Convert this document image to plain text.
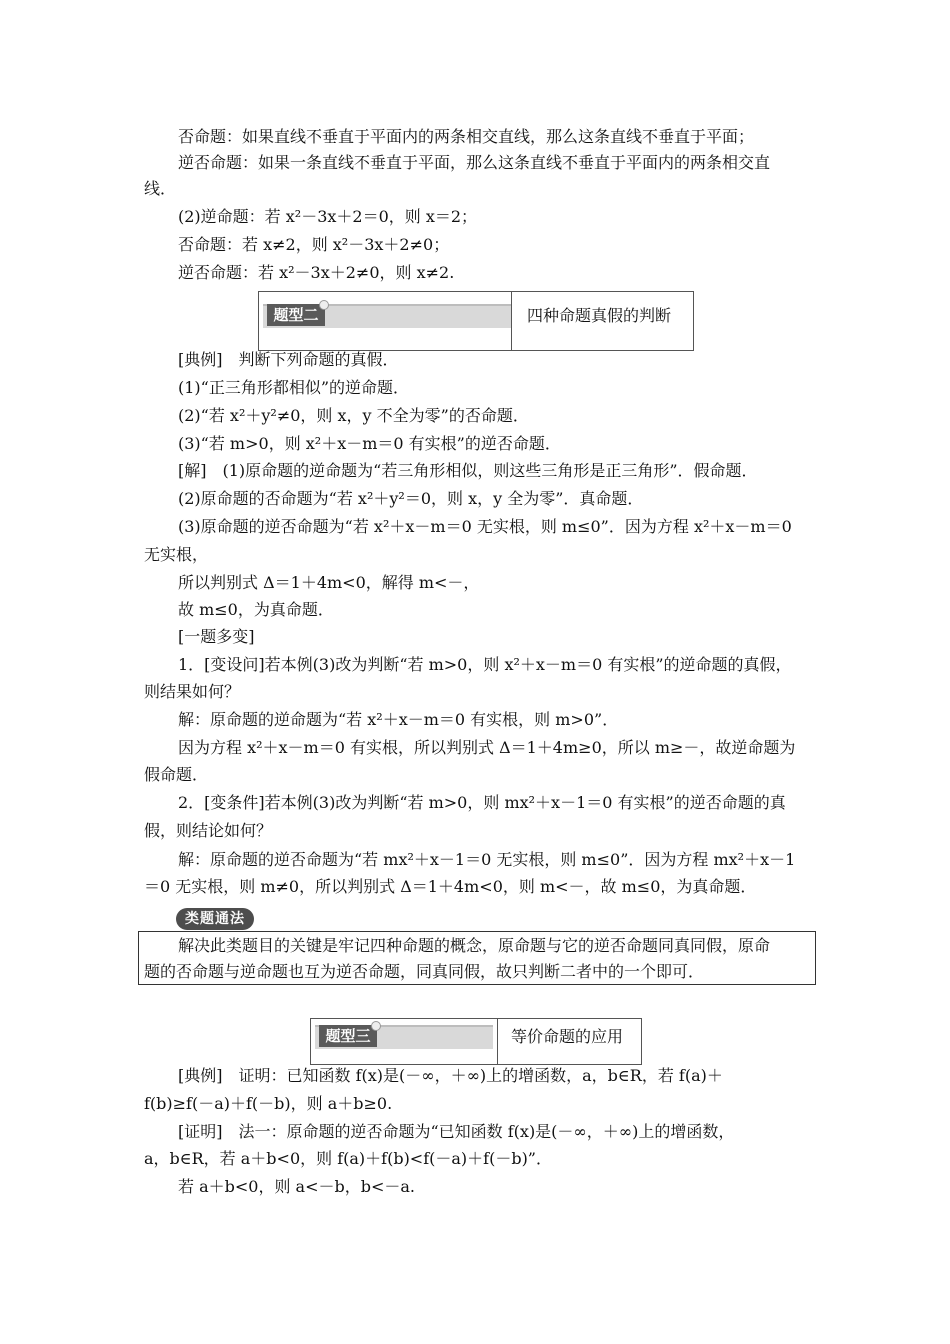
否命题：如果直线不垂直于平面内的两条相交直线，那么这条直线不垂直于平面；
逆否命题：如果一条直线不垂直于平面，那么这条直线不垂直于平面内的两条相交直
线．
(2)逆命题：若 x²－3x＋2＝0，则 x＝2；
否命题：若 x≠2，则 x²－3x＋2≠0；
逆否命题：若 x²－3x＋2≠0，则 x≠2.
题型二	四种命题真假的判断
[典例]　判断下列命题的真假．
(1)“正三角形都相似”的逆命题．
(2)“若 x²＋y²≠0，则 x，y 不全为零”的否命题．
(3)“若 m>0，则 x²＋x－m＝0 有实根”的逆否命题．
[解]　(1)原命题的逆命题为“若三角形相似，则这些三角形是正三角形”．假命题．
(2)原命题的否命题为“若 x²＋y²＝0，则 x，y 全为零”．真命题．
(3)原命题的逆否命题为“若 x²＋x－m＝0 无实根，则 m≤0”．因为方程 x²＋x－m＝0
无实根，
所以判别式 Δ＝1＋4m<0，解得 m<－，
故 m≤0，为真命题．
[一题多变]
1．[变设问]若本例(3)改为判断“若 m>0，则 x²＋x－m＝0 有实根”的逆命题的真假，
则结果如何？
解：原命题的逆命题为“若 x²＋x－m＝0 有实根，则 m>0”．
因为方程 x²＋x－m＝0 有实根，所以判别式 Δ＝1＋4m≥0，所以 m≥－，故逆命题为
假命题．
2．[变条件]若本例(3)改为判断“若 m>0，则 mx²＋x－1＝0 有实根”的逆否命题的真
假，则结论如何？
解：原命题的逆否命题为“若 mx²＋x－1＝0 无实根，则 m≤0”．因为方程 mx²＋x－1
＝0 无实根，则 m≠0，所以判别式 Δ＝1＋4m<0，则 m<－，故 m≤0，为真命题．
类题通法
解决此类题目的关键是牢记四种命题的概念，原命题与它的逆否命题同真同假，原命
题的否命题与逆命题也互为逆否命题，同真同假，故只判断二者中的一个即可．
题型三	等价命题的应用
[典例]　证明：已知函数 f(x)是(－∞，＋∞)上的增函数，a，b∈R，若 f(a)＋
f(b)≥f(－a)＋f(－b)，则 a＋b≥0.
[证明]　法一：原命题的逆否命题为“已知函数 f(x)是(－∞，＋∞)上的增函数，
a，b∈R，若 a＋b<0，则 f(a)＋f(b)<f(－a)＋f(－b)”．
若 a＋b<0，则 a<－b，b<－a.
